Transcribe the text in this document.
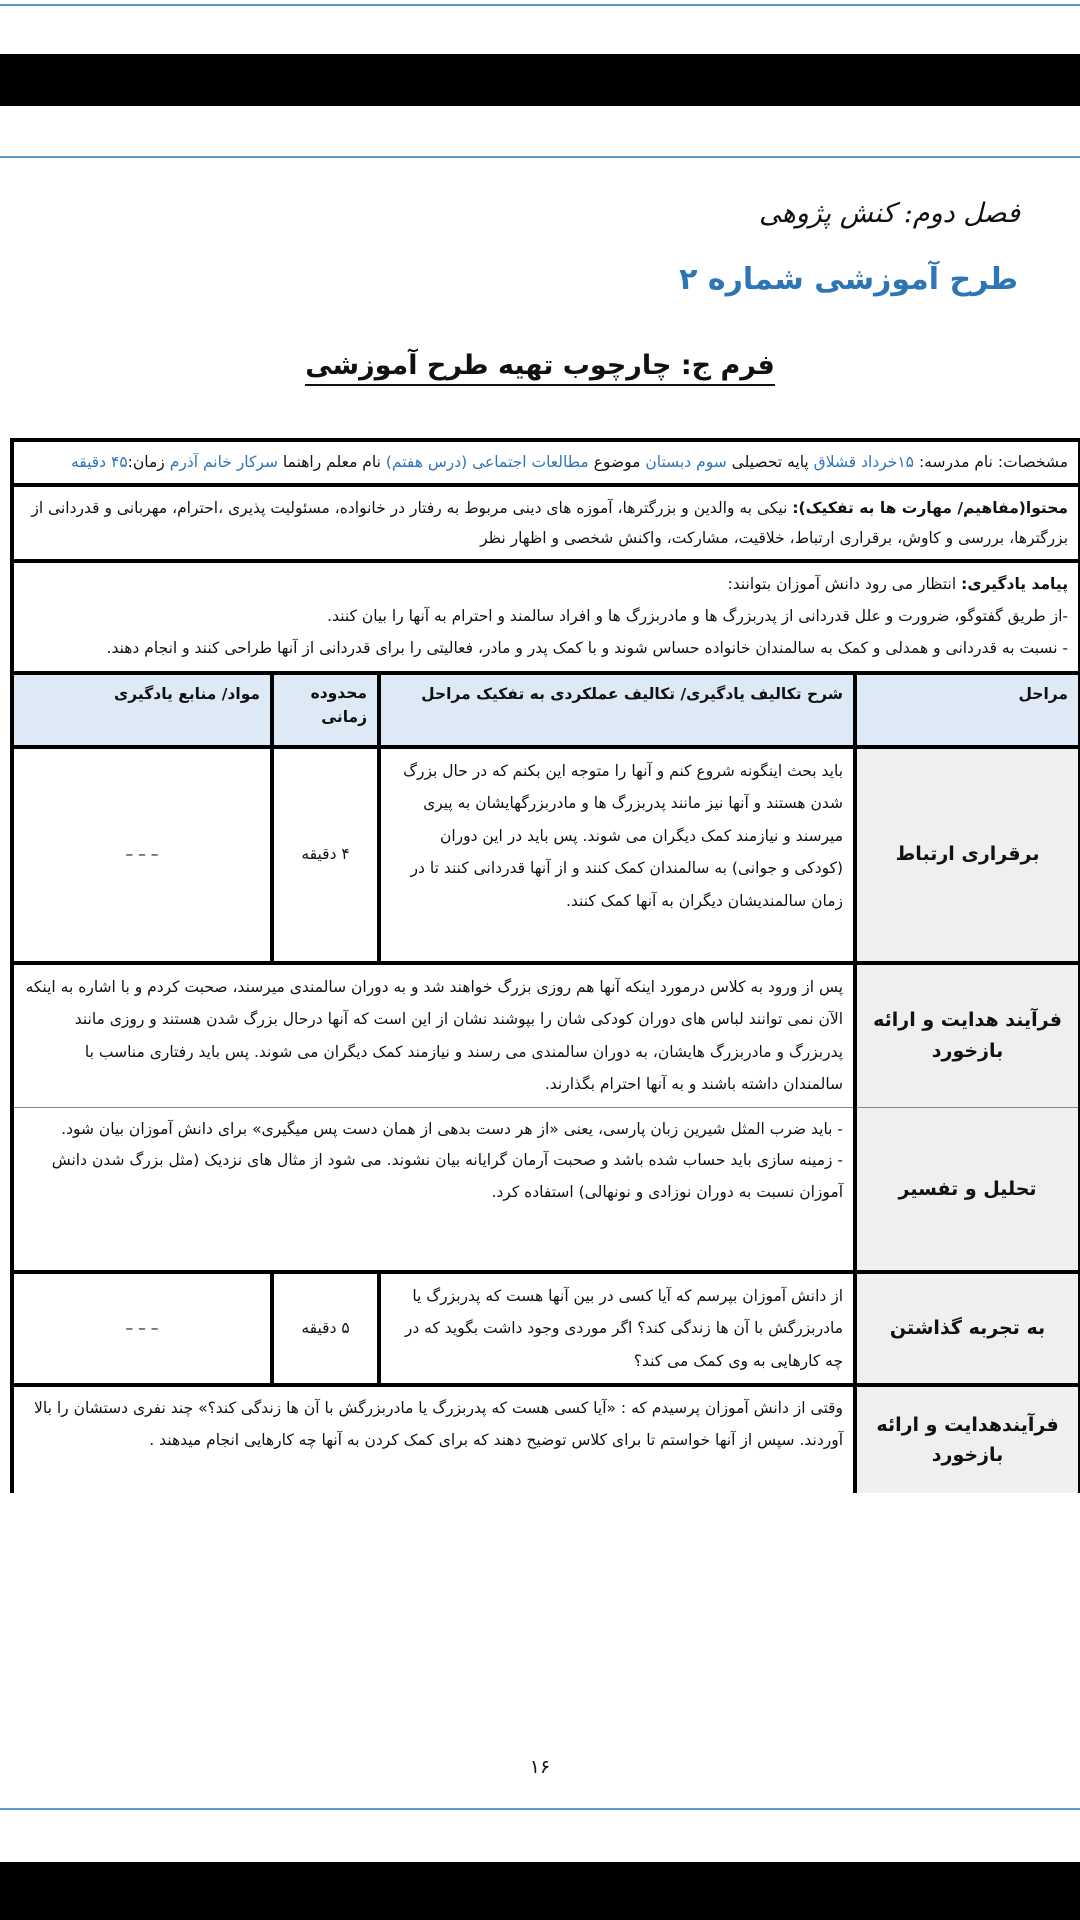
فصل دوم: کنش پژوهی
طرح آموزشی شماره ۲
فرم ج: چارچوب تهیه طرح آموزشی
مشخصات: نام مدرسه: ۱۵خرداد قشلاق پایه تحصیلی سوم دبستان موضوع مطالعات اجتماعی (درس هفتم) نام معلم راهنما سرکار خانم آذرم زمان:۴۵ دقیقه			
محتوا(مفاهیم/ مهارت ها به تفکیک): نیکی به والدین و بزرگترها، آموزه های دینی مربوط به رفتار در خانواده، مسئولیت پذیری ،احترام، مهربانی و قدردانی از بزرگترها، بررسی و کاوش، برقراری ارتباط، خلاقیت، مشارکت، واکنش شخصی و اظهار نظر			

پیامد یادگیری: انتظار می رود دانش آموزان بتوانند:
-از طریق گفتوگو، ضرورت و علل قدردانی از پدربزرگ ها و مادربزرگ ها و افراد سالمند و احترام به آنها را بیان کنند.
- نسبت به قدردانی و همدلی و کمک به سالمندان خانواده حساس شوند و با کمک پدر و مادر، فعالیتی را برای قدردانی از آنها طراحی کنند و انجام دهند.			

مراحل	شرح تکالیف یادگیری/ تکالیف عملکردی به تفکیک مراحل	محدوده زمانی	مواد/ منابع یادگیری
برقراری ارتباط	باید بحث اینگونه شروع کنم و آنها را متوجه این بکنم که در حال بزرگ شدن هستند و آنها نیز مانند پدربزرگ ها و مادربزرگهایشان به پیری میرسند و نیازمند کمک دیگران می شوند. پس باید در این دوران (کودکی و جوانی) به سالمندان کمک کنند و از آنها قدردانی کنند تا در زمان سالمندیشان دیگران به آنها کمک کنند.	۴ دقیقه	– – –
فرآیند هدایت و ارائه بازخورد	پس از ورود به کلاس درمورد اینکه آنها هم روزی بزرگ خواهند شد و به دوران سالمندی میرسند، صحبت کردم و با اشاره به اینکه الآن نمی توانند لباس های دوران کودکی شان را بپوشند نشان از این است که آنها درحال بزرگ شدن هستند و روزی مانند پدربزرگ و مادربزرگ هایشان، به دوران سالمندی می رسند و نیازمند کمک دیگران می شوند. پس باید رفتاری مناسب با سالمندان داشته باشند و به آنها احترام بگذارند.		
تحلیل و تفسیر	- باید ضرب المثل شیرین زبان پارسی، یعنی «از هر دست بدهی از همان دست پس میگیری» برای دانش آموزان بیان شود.
- زمینه سازی باید حساب شده باشد و صحبت آرمان گرایانه بیان نشوند. می شود از مثال های نزدیک (مثل بزرگ شدن دانش آموزان نسبت به دوران نوزادی و نونهالی) استفاده کرد.		

به تجربه گذاشتن	از دانش آموزان بپرسم که آیا کسی در بین آنها هست که پدربزرگ یا مادربزرگش با آن ها زندگی کند؟ اگر موردی وجود داشت بگوید که در چه کارهایی به وی کمک می کند؟	۵ دقیقه	– – –
فرآیندهدایت و ارائه بازخورد	وقتی از دانش آموزان پرسیدم که : «آیا کسی هست که پدربزرگ یا مادربزرگش با آن ها زندگی کند؟» چند نفری دستشان را بالا آوردند. سپس از آنها خواستم تا برای کلاس توضیح دهند که برای کمک کردن به آنها چه کارهایی انجام میدهند .		
۱۶
